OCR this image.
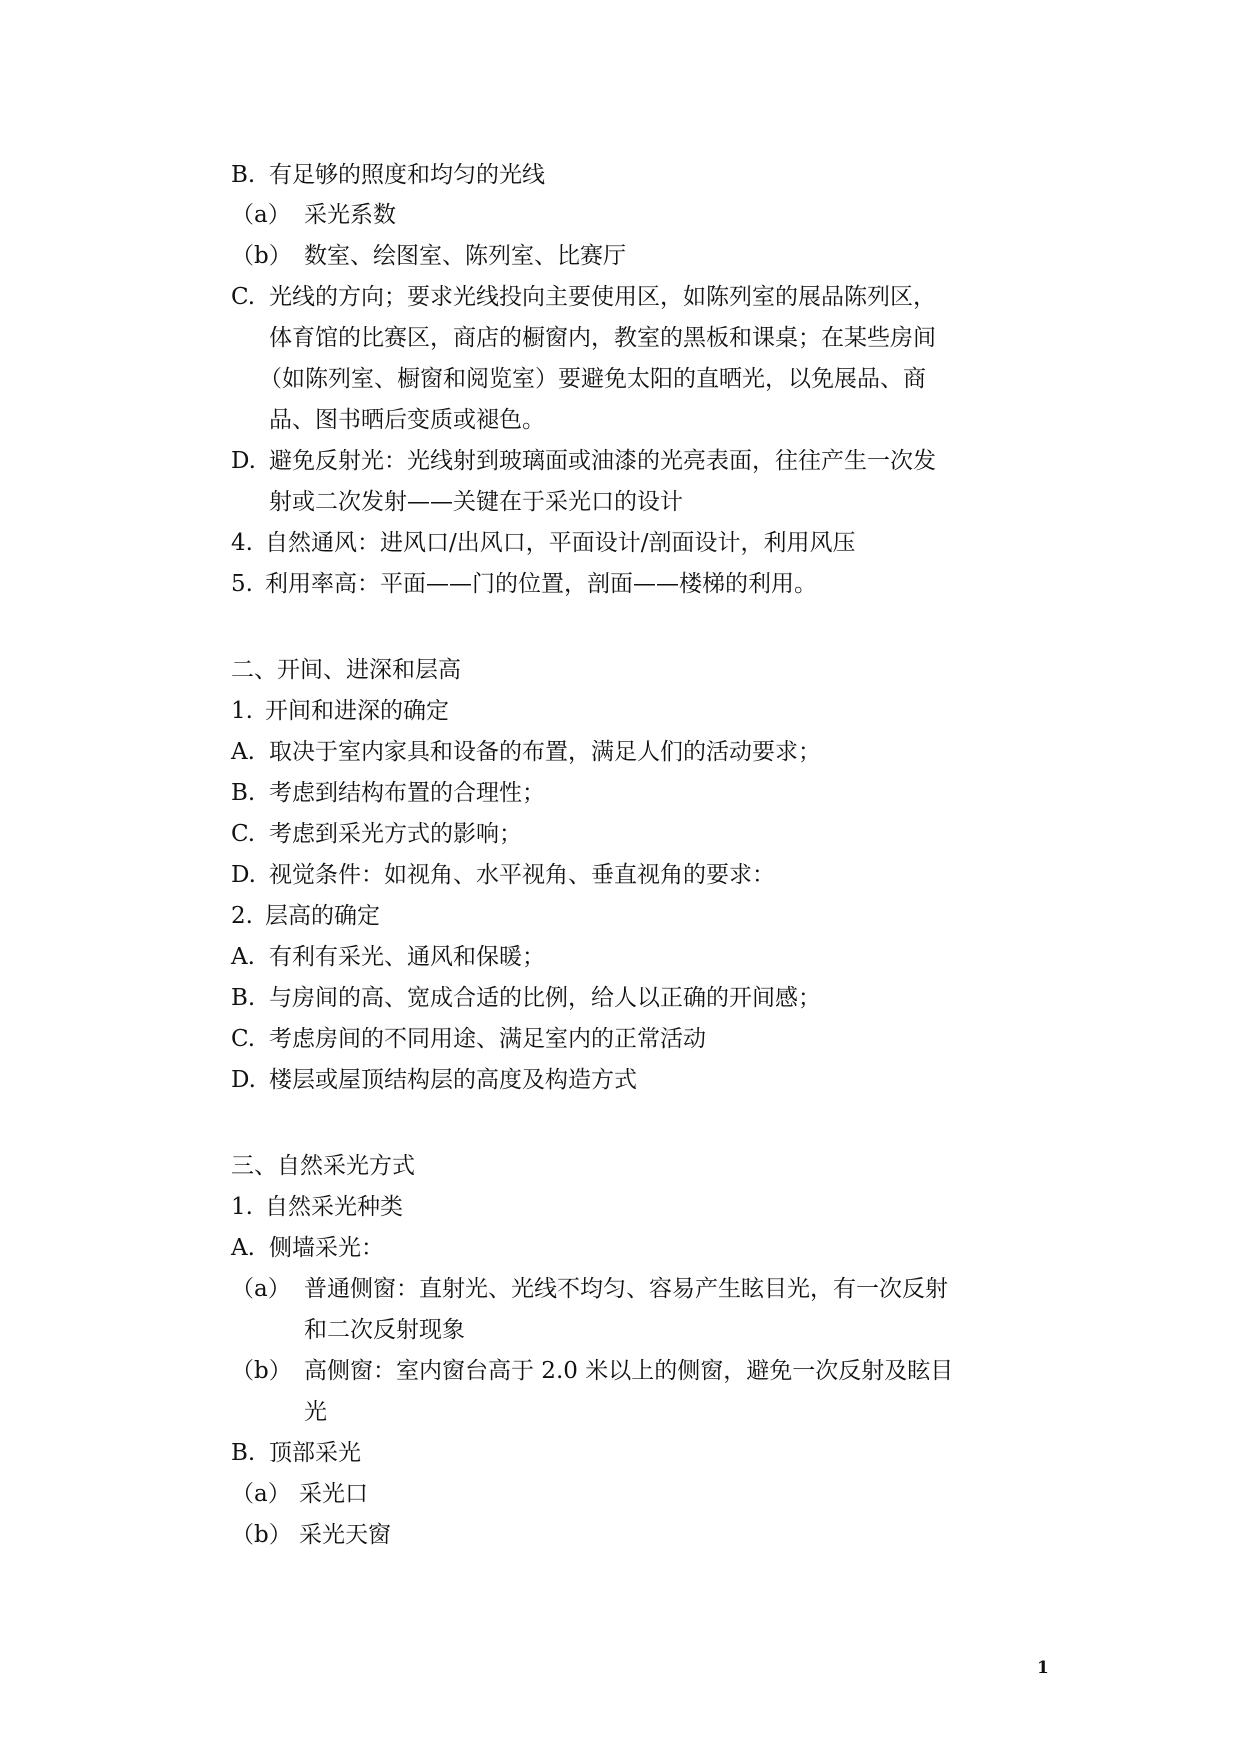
B. 有足够的照度和均匀的光线
（a） 采光系数
（b） 数室、绘图室、陈列室、比赛厅
C. 光线的方向；要求光线投向主要使用区，如陈列室的展品陈列区，
体育馆的比赛区，商店的橱窗内，教室的黑板和课桌；在某些房间
（如陈列室、橱窗和阅览室）要避免太阳的直晒光，以免展品、商
品、图书晒后变质或褪色。
D. 避免反射光：光线射到玻璃面或油漆的光亮表面，往往产生一次发
射或二次发射——关键在于采光口的设计
4. 自然通风：进风口/出风口，平面设计/剖面设计，利用风压
5. 利用率高：平面——门的位置，剖面——楼梯的利用。
二、开间、进深和层高
1. 开间和进深的确定
A. 取决于室内家具和设备的布置，满足人们的活动要求；
B. 考虑到结构布置的合理性；
C. 考虑到采光方式的影响；
D. 视觉条件：如视角、水平视角、垂直视角的要求：
2. 层高的确定
A. 有利有采光、通风和保暖；
B. 与房间的高、宽成合适的比例，给人以正确的开间感；
C. 考虑房间的不同用途、满足室内的正常活动
D. 楼层或屋顶结构层的高度及构造方式
三、自然采光方式
1. 自然采光种类
A. 侧墙采光：
（a） 普通侧窗：直射光、光线不均匀、容易产生眩目光，有一次反射
和二次反射现象
（b） 高侧窗：室内窗台高于 2.0 米以上的侧窗，避免一次反射及眩目
光
B. 顶部采光
（a） 采光口
（b） 采光天窗
1
